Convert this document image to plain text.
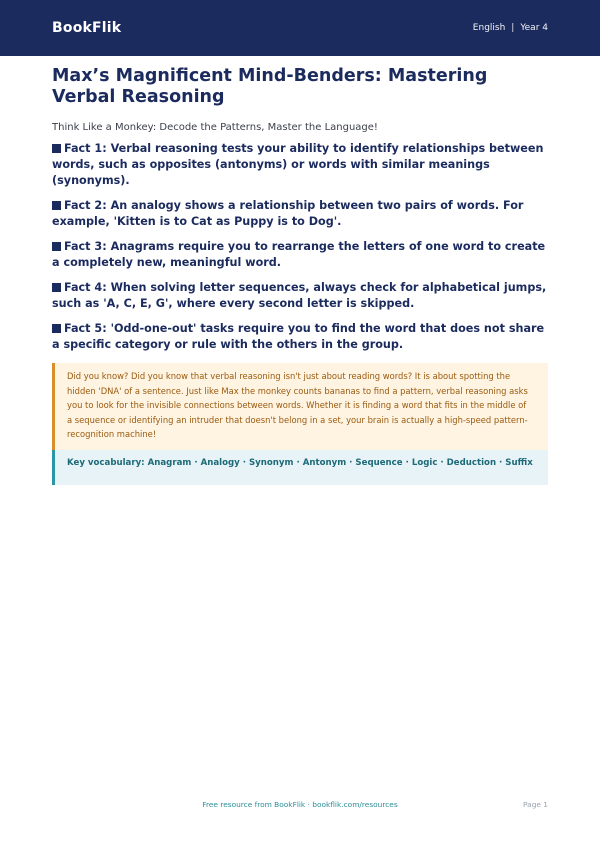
BookFlik	English | Year 4
Max’s Magnificent Mind-Benders: Mastering Verbal Reasoning
Think Like a Monkey: Decode the Patterns, Master the Language!
Fact 1: Verbal reasoning tests your ability to identify relationships between words, such as opposites (antonyms) or words with similar meanings (synonyms).
Fact 2: An analogy shows a relationship between two pairs of words. For example, 'Kitten is to Cat as Puppy is to Dog'.
Fact 3: Anagrams require you to rearrange the letters of one word to create a completely new, meaningful word.
Fact 4: When solving letter sequences, always check for alphabetical jumps, such as 'A, C, E, G', where every second letter is skipped.
Fact 5: 'Odd-one-out' tasks require you to find the word that does not share a specific category or rule with the others in the group.

Did you know? Did you know that verbal reasoning isn't just about reading words? It is about spotting the hidden 'DNA' of a sentence. Just like Max the monkey counts bananas to find a pattern, verbal reasoning asks you to look for the invisible connections between words. Whether it is finding a word that fits in the middle of a sequence or identifying an intruder that doesn't belong in a set, your brain is actually a high-speed pattern-recognition machine!

Key vocabulary: Anagram · Analogy · Synonym · Antonym · Sequence · Logic · Deduction · Suffix
Free resource from BookFlik · bookflik.com/resources	Page 1
